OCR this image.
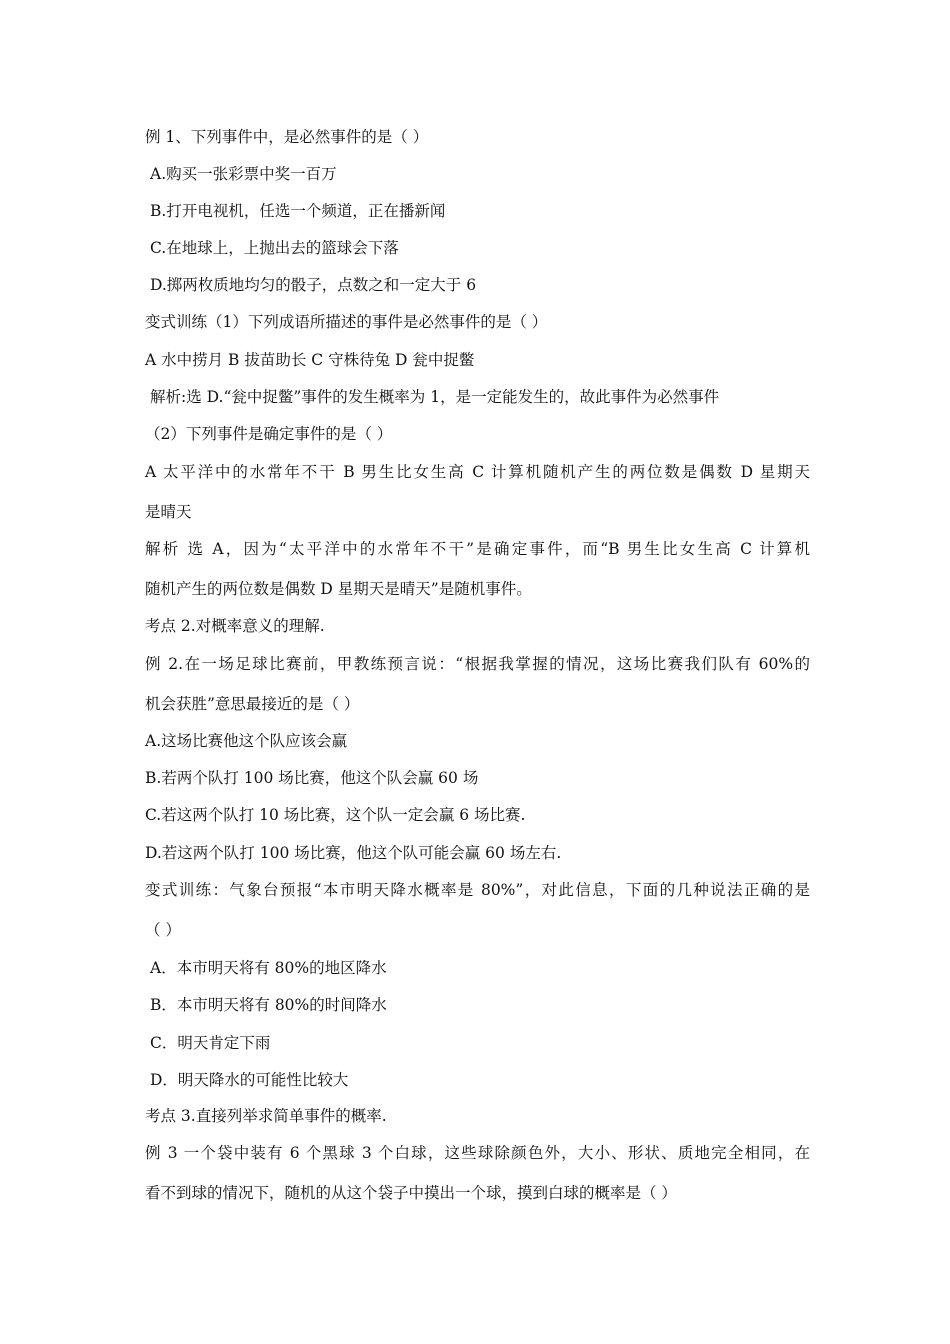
例 1、下列事件中，是必然事件的是（ ）
A.购买一张彩票中奖一百万
B.打开电视机，任选一个频道，正在播新闻
C.在地球上，上抛出去的篮球会下落
D.掷两枚质地均匀的骰子，点数之和一定大于 6
变式训练（1）下列成语所描述的事件是必然事件的是（ ）
A 水中捞月 B 拔苗助长 C 守株待兔 D 瓮中捉鳖
解析:选 D.“瓮中捉鳖”事件的发生概率为 1，是一定能发生的，故此事件为必然事件
（2）下列事件是确定事件的是（ ）
A 太平洋中的水常年不干 B 男生比女生高 C 计算机随机产生的两位数是偶数 D 星期天
是晴天
解析 选 A，因为“太平洋中的水常年不干”是确定事件，而“B 男生比女生高 C 计算机
随机产生的两位数是偶数 D 星期天是晴天”是随机事件。
考点 2.对概率意义的理解.
例 2.在一场足球比赛前，甲教练预言说：“根据我掌握的情况，这场比赛我们队有 60%的
机会获胜”意思最接近的是（ ）
A.这场比赛他这个队应该会赢
B.若两个队打 100 场比赛，他这个队会赢 60 场
C.若这两个队打 10 场比赛，这个队一定会赢 6 场比赛.
D.若这两个队打 100 场比赛，他这个队可能会赢 60 场左右.
变式训练：气象台预报“本市明天降水概率是 80%”，对此信息，下面的几种说法正确的是
（ ）
A．本市明天将有 80%的地区降水
B．本市明天将有 80%的时间降水
C．明天肯定下雨
D．明天降水的可能性比较大
考点 3.直接列举求简单事件的概率.
例 3 一个袋中装有 6 个黑球 3 个白球，这些球除颜色外，大小、形状、质地完全相同，在
看不到球的情况下，随机的从这个袋子中摸出一个球，摸到白球的概率是（ ）
